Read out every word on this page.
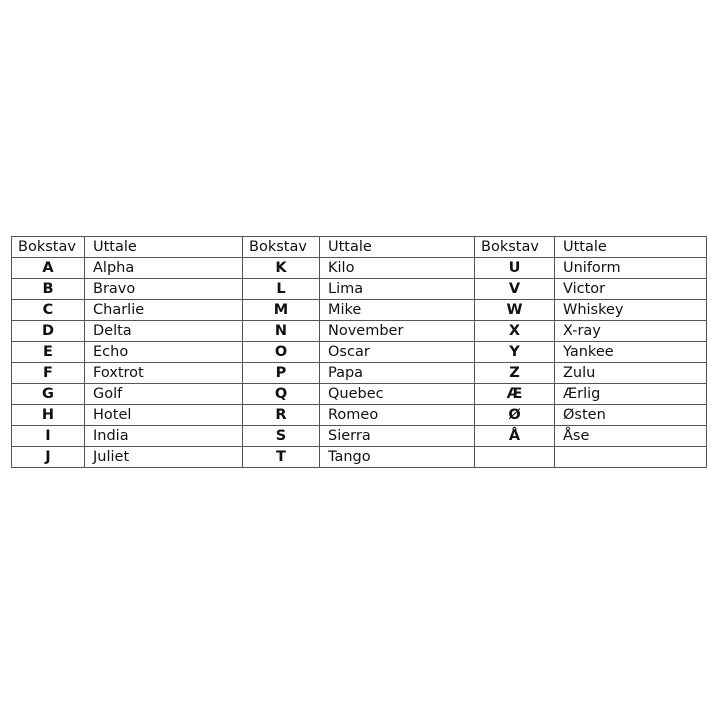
Bokstav	Uttale	Bokstav	Uttale	Bokstav	Uttale
A	Alpha	K	Kilo	U	Uniform
B	Bravo	L	Lima	V	Victor
C	Charlie	M	Mike	W	Whiskey
D	Delta	N	November	X	X-ray
E	Echo	O	Oscar	Y	Yankee
F	Foxtrot	P	Papa	Z	Zulu
G	Golf	Q	Quebec	Æ	Ærlig
H	Hotel	R	Romeo	Ø	Østen
I	India	S	Sierra	Å	Åse
J	Juliet	T	Tango		
